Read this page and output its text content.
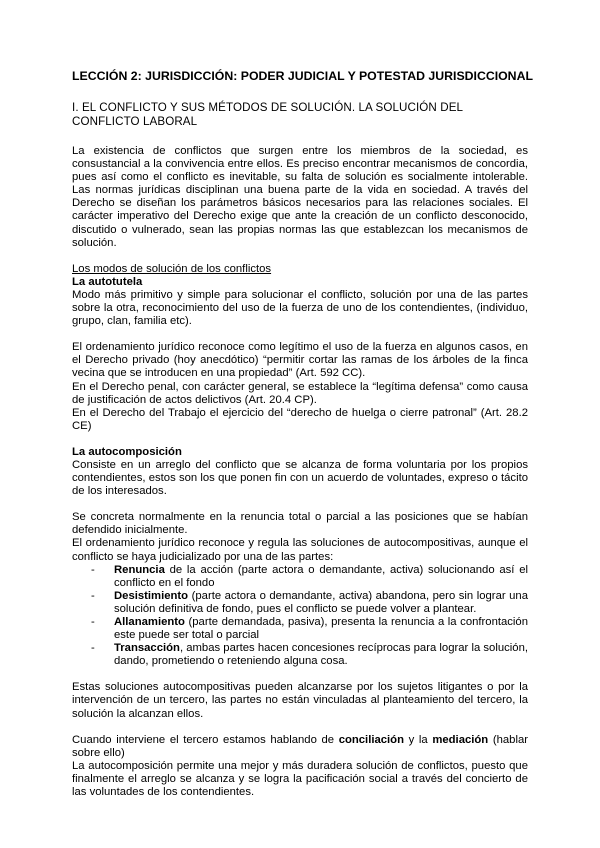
LECCIÓN 2: JURISDICCIÓN: PODER JUDICIAL Y POTESTAD JURISDICCIONAL
I. EL CONFLICTO Y SUS MÉTODOS DE SOLUCIÓN. LA SOLUCIÓN DEL CONFLICTO LABORAL

La existencia de conflictos que surgen entre los miembros de la sociedad, es consustancial a la convivencia entre ellos. Es preciso encontrar mecanismos de concordia, pues así como el conflicto es inevitable, su falta de solución es socialmente intolerable. Las normas jurídicas disciplinan una buena parte de la vida en sociedad. A través del Derecho se diseñan los parámetros básicos necesarios para las relaciones sociales. El carácter imperativo del Derecho exige que ante la creación de un conflicto desconocido, discutido o vulnerado, sean las propias normas las que establezcan los mecanismos de solución.

Los modos de solución de los conflictos
La autotutela

Modo más primitivo y simple para solucionar el conflicto, solución por una de las partes sobre la otra, reconocimiento del uso de la fuerza de uno de los contendientes, (individuo, grupo, clan, familia etc).

El ordenamiento jurídico reconoce como legítimo el uso de la fuerza en algunos casos, en el Derecho privado (hoy anecdótico) “permitir cortar las ramas de los árboles de la finca vecina que se introducen en una propiedad” (Art. 592 CC).

En el Derecho penal, con carácter general, se establece la “legítima defensa” como causa de justificación de actos delictivos (Art. 20.4 CP).

En el Derecho del Trabajo el ejercicio del “derecho de huelga o cierre patronal” (Art. 28.2 CE)

La autocomposición

Consiste en un arreglo del conflicto que se alcanza de forma voluntaria por los propios contendientes, estos son los que ponen fin con un acuerdo de voluntades, expreso o tácito de los interesados.

Se concreta normalmente en la renuncia total o parcial a las posiciones que se habían defendido inicialmente.

El ordenamiento jurídico reconoce y regula las soluciones de autocompositivas, aunque el conflicto se haya judicializado por una de las partes:

- Renuncia de la acción (parte actora o demandante, activa) solucionando así el conflicto en el fondo
- Desistimiento (parte actora o demandante, activa) abandona, pero sin lograr una solución definitiva de fondo, pues el conflicto se puede volver a plantear.
- Allanamiento (parte demandada, pasiva), presenta la renuncia a la confrontación este puede ser total o parcial
- Transacción, ambas partes hacen concesiones recíprocas para lograr la solución, dando, prometiendo o reteniendo alguna cosa.

Estas soluciones autocompositivas pueden alcanzarse por los sujetos litigantes o por la intervención de un tercero, las partes no están vinculadas al planteamiento del tercero, la solución la alcanzan ellos.

Cuando intervienе el tercero estamos hablando de conciliación y la mediación (hablar sobre ello)

La autocomposición permite una mejor y más duradera solución de conflictos, puesto que finalmente el arreglo se alcanza y se logra la pacificación social a través del concierto de las voluntades de los contendientes.
